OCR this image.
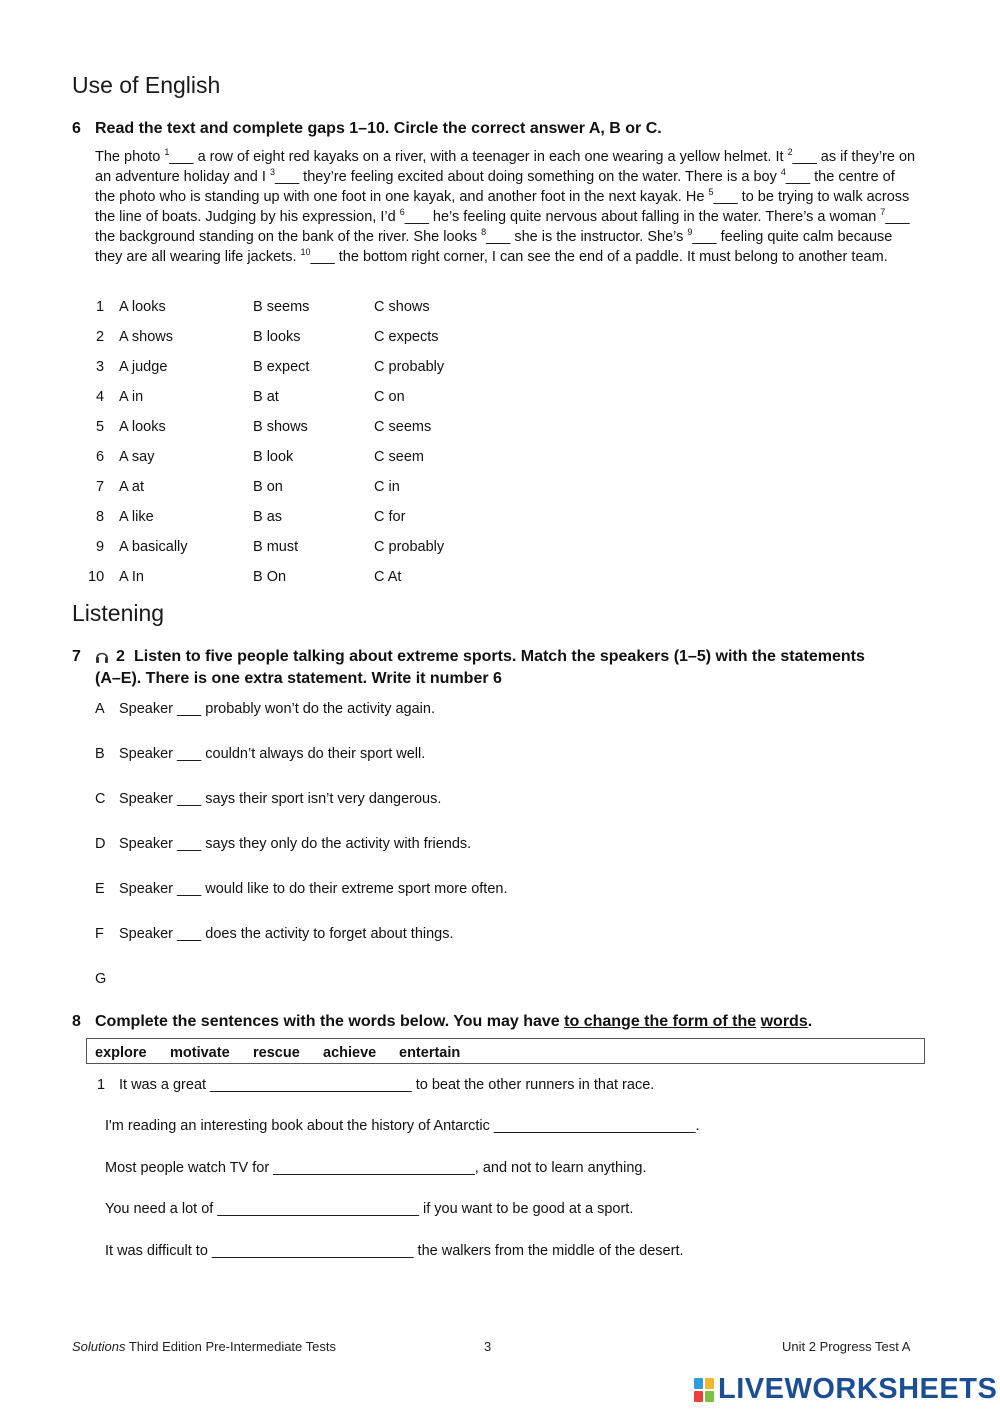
Use of English
6 Read the text and complete gaps 1–10. Circle the correct answer A, B or C.
The photo $^1$___ a row of eight red kayaks on a river, with a teenager in each one wearing a yellow helmet. It $^2$___ as if they’re on an adventure holiday and I $^3$___ they’re feeling excited about doing something on the water. There is a boy $^4$___ the centre of the photo who is standing up with one foot in one kayak, and another foot in the next kayak. He $^5$___ to be trying to walk across the line of boats. Judging by his expression, I’d $^6$___ he’s feeling quite nervous about falling in the water. There’s a woman $^7$___ the background standing on the bank of the river. She looks $^8$___ she is the instructor. She’s $^9$___ feeling quite calm because they are all wearing life jackets. $^{10}$___ the bottom right corner, I can see the end of a paddle. It must belong to another team.
1 A looks	B seems	C shows
2 A shows	B looks	C expects
3 A judge	B expect	C probably
4 A in	B at	C on
5 A looks	B shows	C seems
6 A say	B look	C seem
7 A at	B on	C in
8 A like	B as	C for
9 A basically	B must	C probably
10 A In	B On	C At
Listening
7 2 Listen to five people talking about extreme sports. Match the speakers (1–5) with the statements
(A–E). There is one extra statement. Write it number 6
A Speaker ___ probably won’t do the activity again.
B Speaker ___ couldn’t always do their sport well.
C Speaker ___ says their sport isn’t very dangerous.
D Speaker ___ says they only do the activity with friends.
E Speaker ___ would like to do their extreme sport more often.
F Speaker ___ does the activity to forget about things.
G
8 Complete the sentences with the words below. You may have to change the form of the words.
explore motivate rescue achieve entertain
1 It was a great _________________________ to beat the other runners in that race.
I'm reading an interesting book about the history of Antarctic _________________________.
Most people watch TV for _________________________, and not to learn anything.
You need a lot of _________________________ if you want to be good at a sport.
It was difficult to _________________________ the walkers from the middle of the desert.
Solutions Third Edition Pre-Intermediate Tests	3	Unit 2 Progress Test A
LIVEWORKSHEETS
